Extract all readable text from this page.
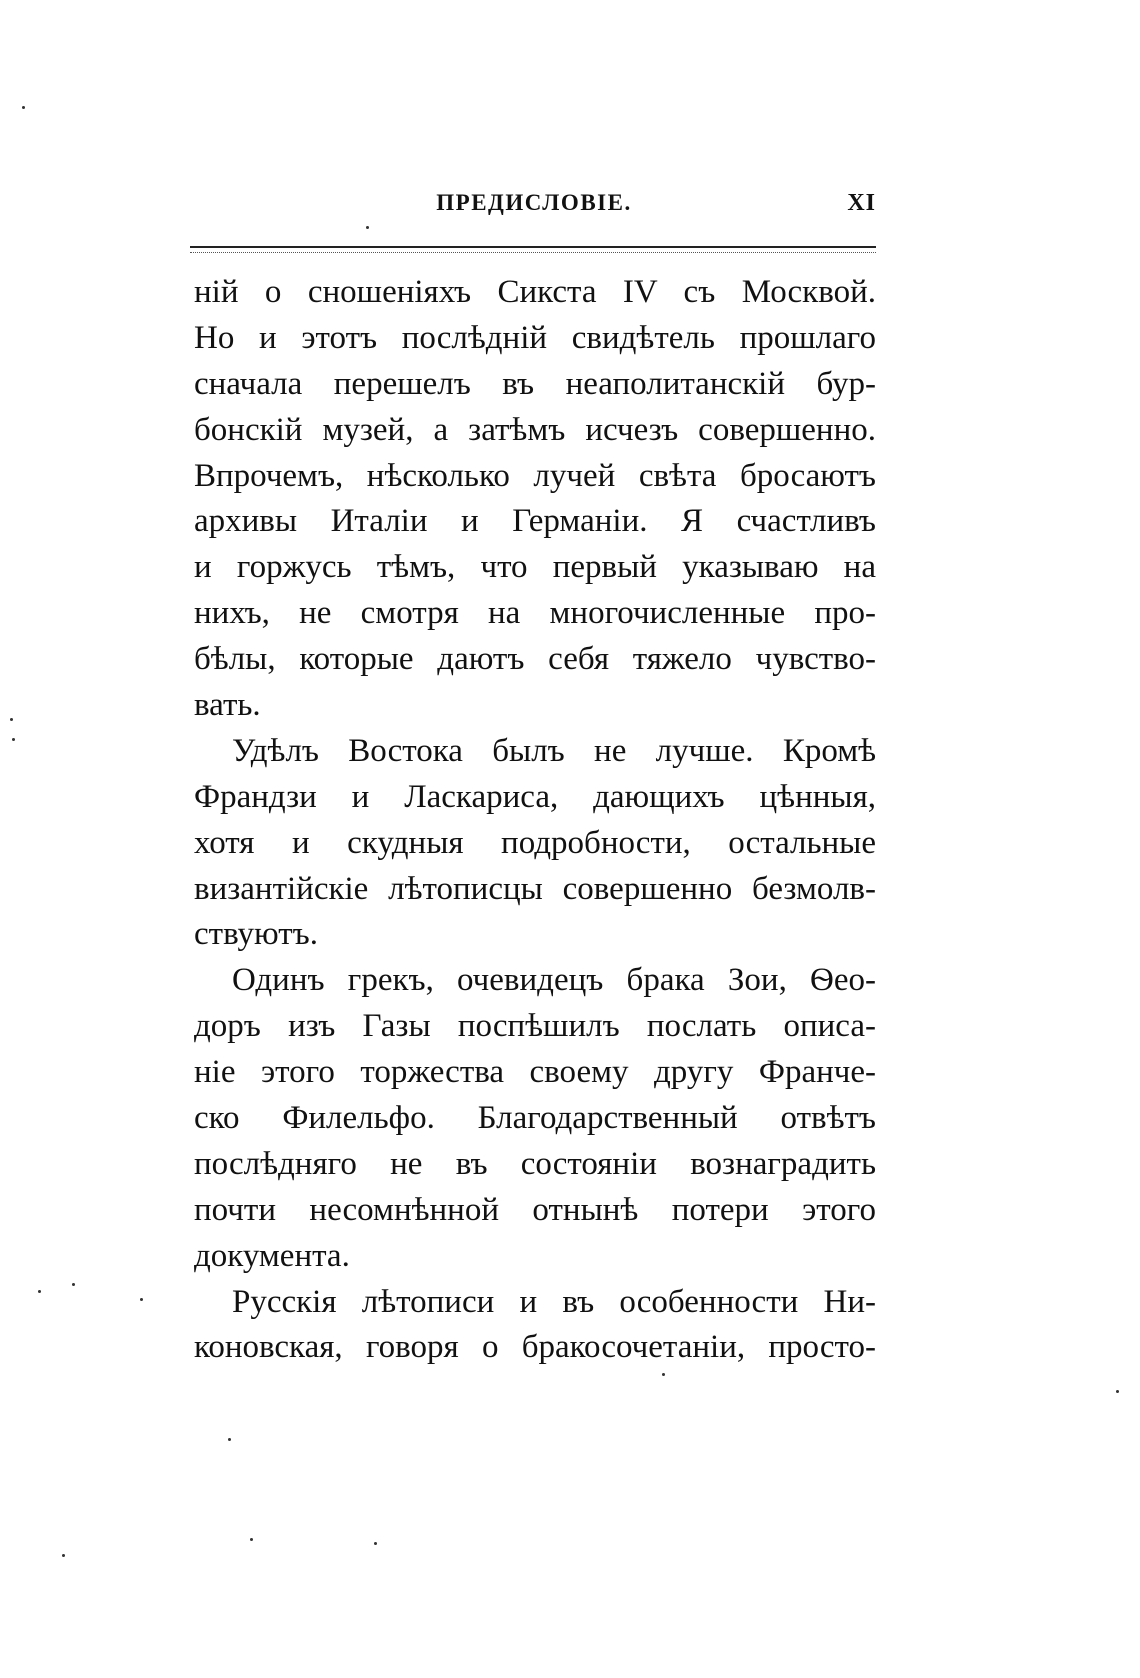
ПРЕДИСЛОВІЕ.	XI
ній о сношеніяхъ Сикста IV съ Москвой.
Но и этотъ послѣдній свидѣтель прошлаго
сначала перешелъ въ неаполитанскій бур-
бонскій музей, а затѣмъ исчезъ совершенно.
Впрочемъ, нѣсколько лучей свѣта бросаютъ
архивы Италіи и Германіи. Я счастливъ
и горжусь тѣмъ, что первый указываю на
нихъ, не смотря на многочисленные про-
бѣлы, которые даютъ себя тяжело чувство-
вать.
Удѣлъ Востока былъ не лучше. Кромѣ
Франдзи и Ласкариса, дающихъ цѣнныя,
хотя и скудныя подробности, остальные
византійскіе лѣтописцы совершенно безмолв-
ствуютъ.
Одинъ грекъ, очевидецъ брака Зои, Ѳео-
доръ изъ Газы поспѣшилъ послать описа-
ніе этого торжества своему другу Франче-
ско Филельфо. Благодарственный отвѣтъ
послѣдняго не въ состояніи вознаградить
почти несомнѣнной отнынѣ потери этого
документа.
Русскія лѣтописи и въ особенности Ни-
коновская, говоря о бракосочетаніи, просто-
